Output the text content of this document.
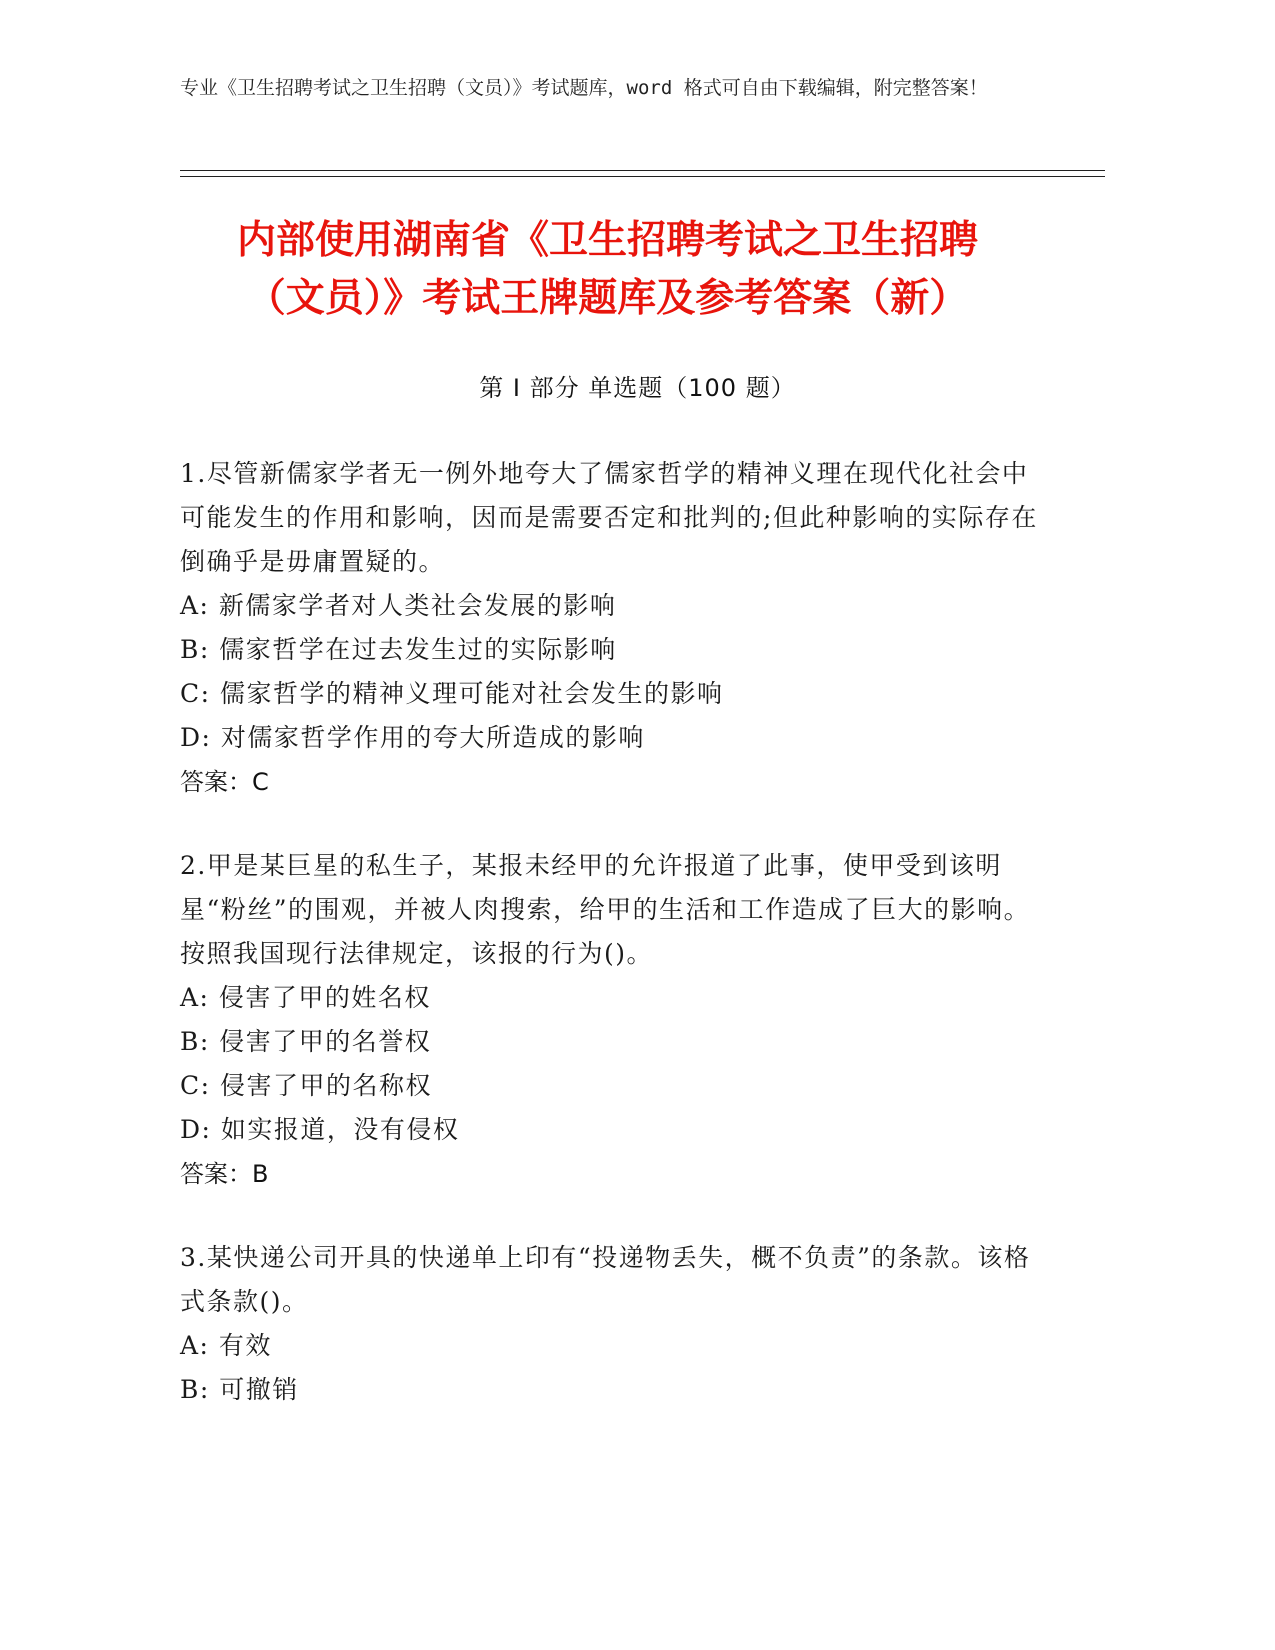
专业《卫生招聘考试之卫生招聘（文员）》考试题库，word 格式可自由下载编辑，附完整答案！
内部使用湖南省《卫生招聘考试之卫生招聘
（文员）》考试王牌题库及参考答案（新）
第 I 部分 单选题（100 题）
1.尽管新儒家学者无一例外地夸大了儒家哲学的精神义理在现代化社会中可能发生的作用和影响，因而是需要否定和批判的;但此种影响的实际存在倒确乎是毋庸置疑的。
A: 新儒家学者对人类社会发展的影响
B: 儒家哲学在过去发生过的实际影响
C: 儒家哲学的精神义理可能对社会发生的影响
D: 对儒家哲学作用的夸大所造成的影响
答案：C
2.甲是某巨星的私生子，某报未经甲的允许报道了此事，使甲受到该明星“粉丝”的围观，并被人肉搜索，给甲的生活和工作造成了巨大的影响。按照我国现行法律规定，该报的行为()。
A: 侵害了甲的姓名权
B: 侵害了甲的名誉权
C: 侵害了甲的名称权
D: 如实报道，没有侵权
答案：B
3.某快递公司开具的快递单上印有“投递物丢失，概不负责”的条款。该格式条款()。
A: 有效
B: 可撤销
